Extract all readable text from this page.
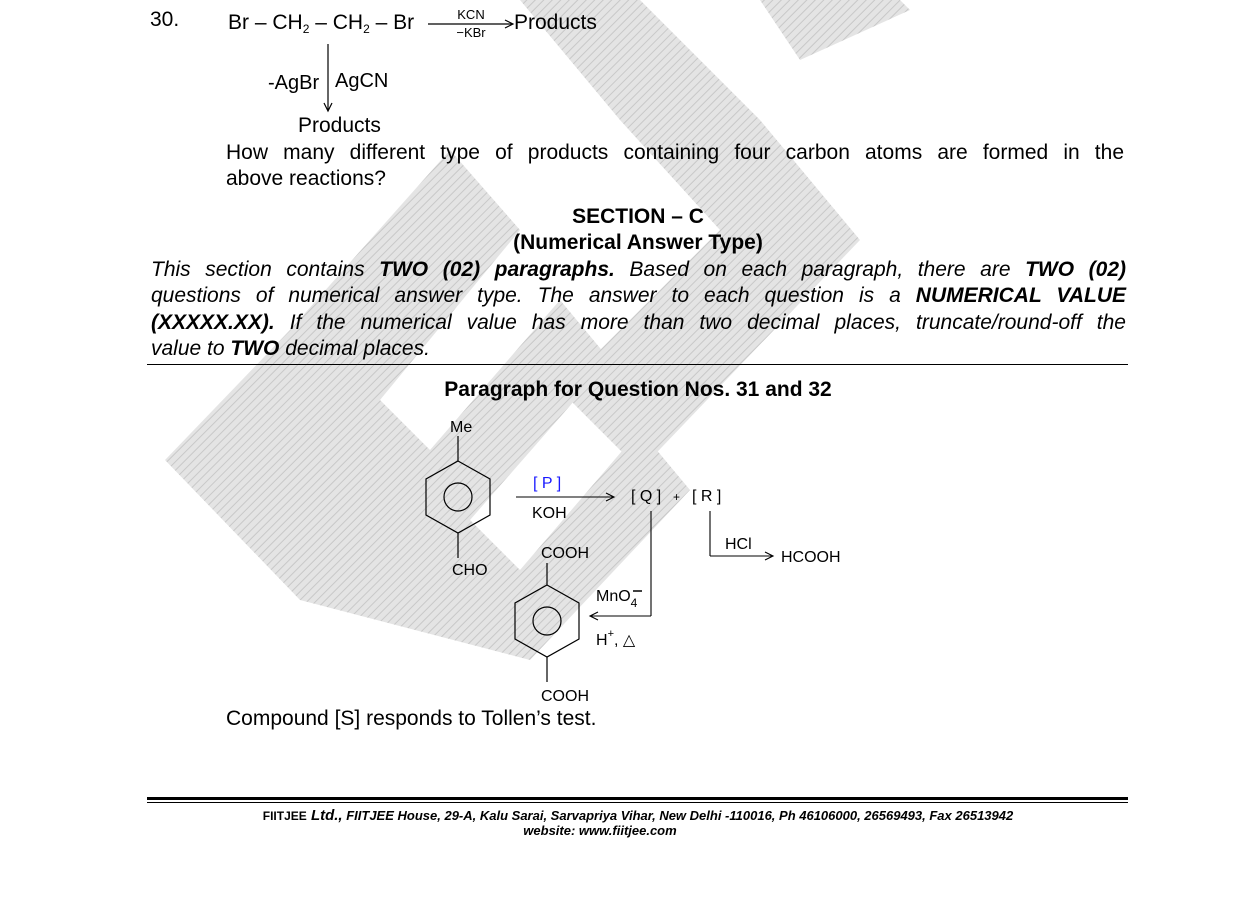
30. Br – $CH_2 - CH_2$ – Br	KCN
−KBr Products
-AgBr AgCN
Products
How many different type of products containing four carbon atoms are formed in the
above reactions?
SECTION – C
(Numerical Answer Type)
This section contains TWO (02) paragraphs. Based on each paragraph, there are TWO (02)
questions of numerical answer type. The answer to each question is a NUMERICAL VALUE
(XXXXX.XX). If the numerical value has more than two decimal places, truncate/round-off the
value to TWO decimal places.
Paragraph for Question Nos. 31 and 32
Me
CHO
[ P ]
KOH
[ Q ] + [ R ]
HCl
HCOOH
MnO$_4$
H+, △
COOH
COOH
Compound [S] responds to Tollen’s test.
FIITJEE Ltd., FIITJEE House, 29-A, Kalu Sarai, Sarvapriya Vihar, New Delhi -110016, Ph 46106000, 26569493, Fax 26513942
website: www.fiitjee.com
